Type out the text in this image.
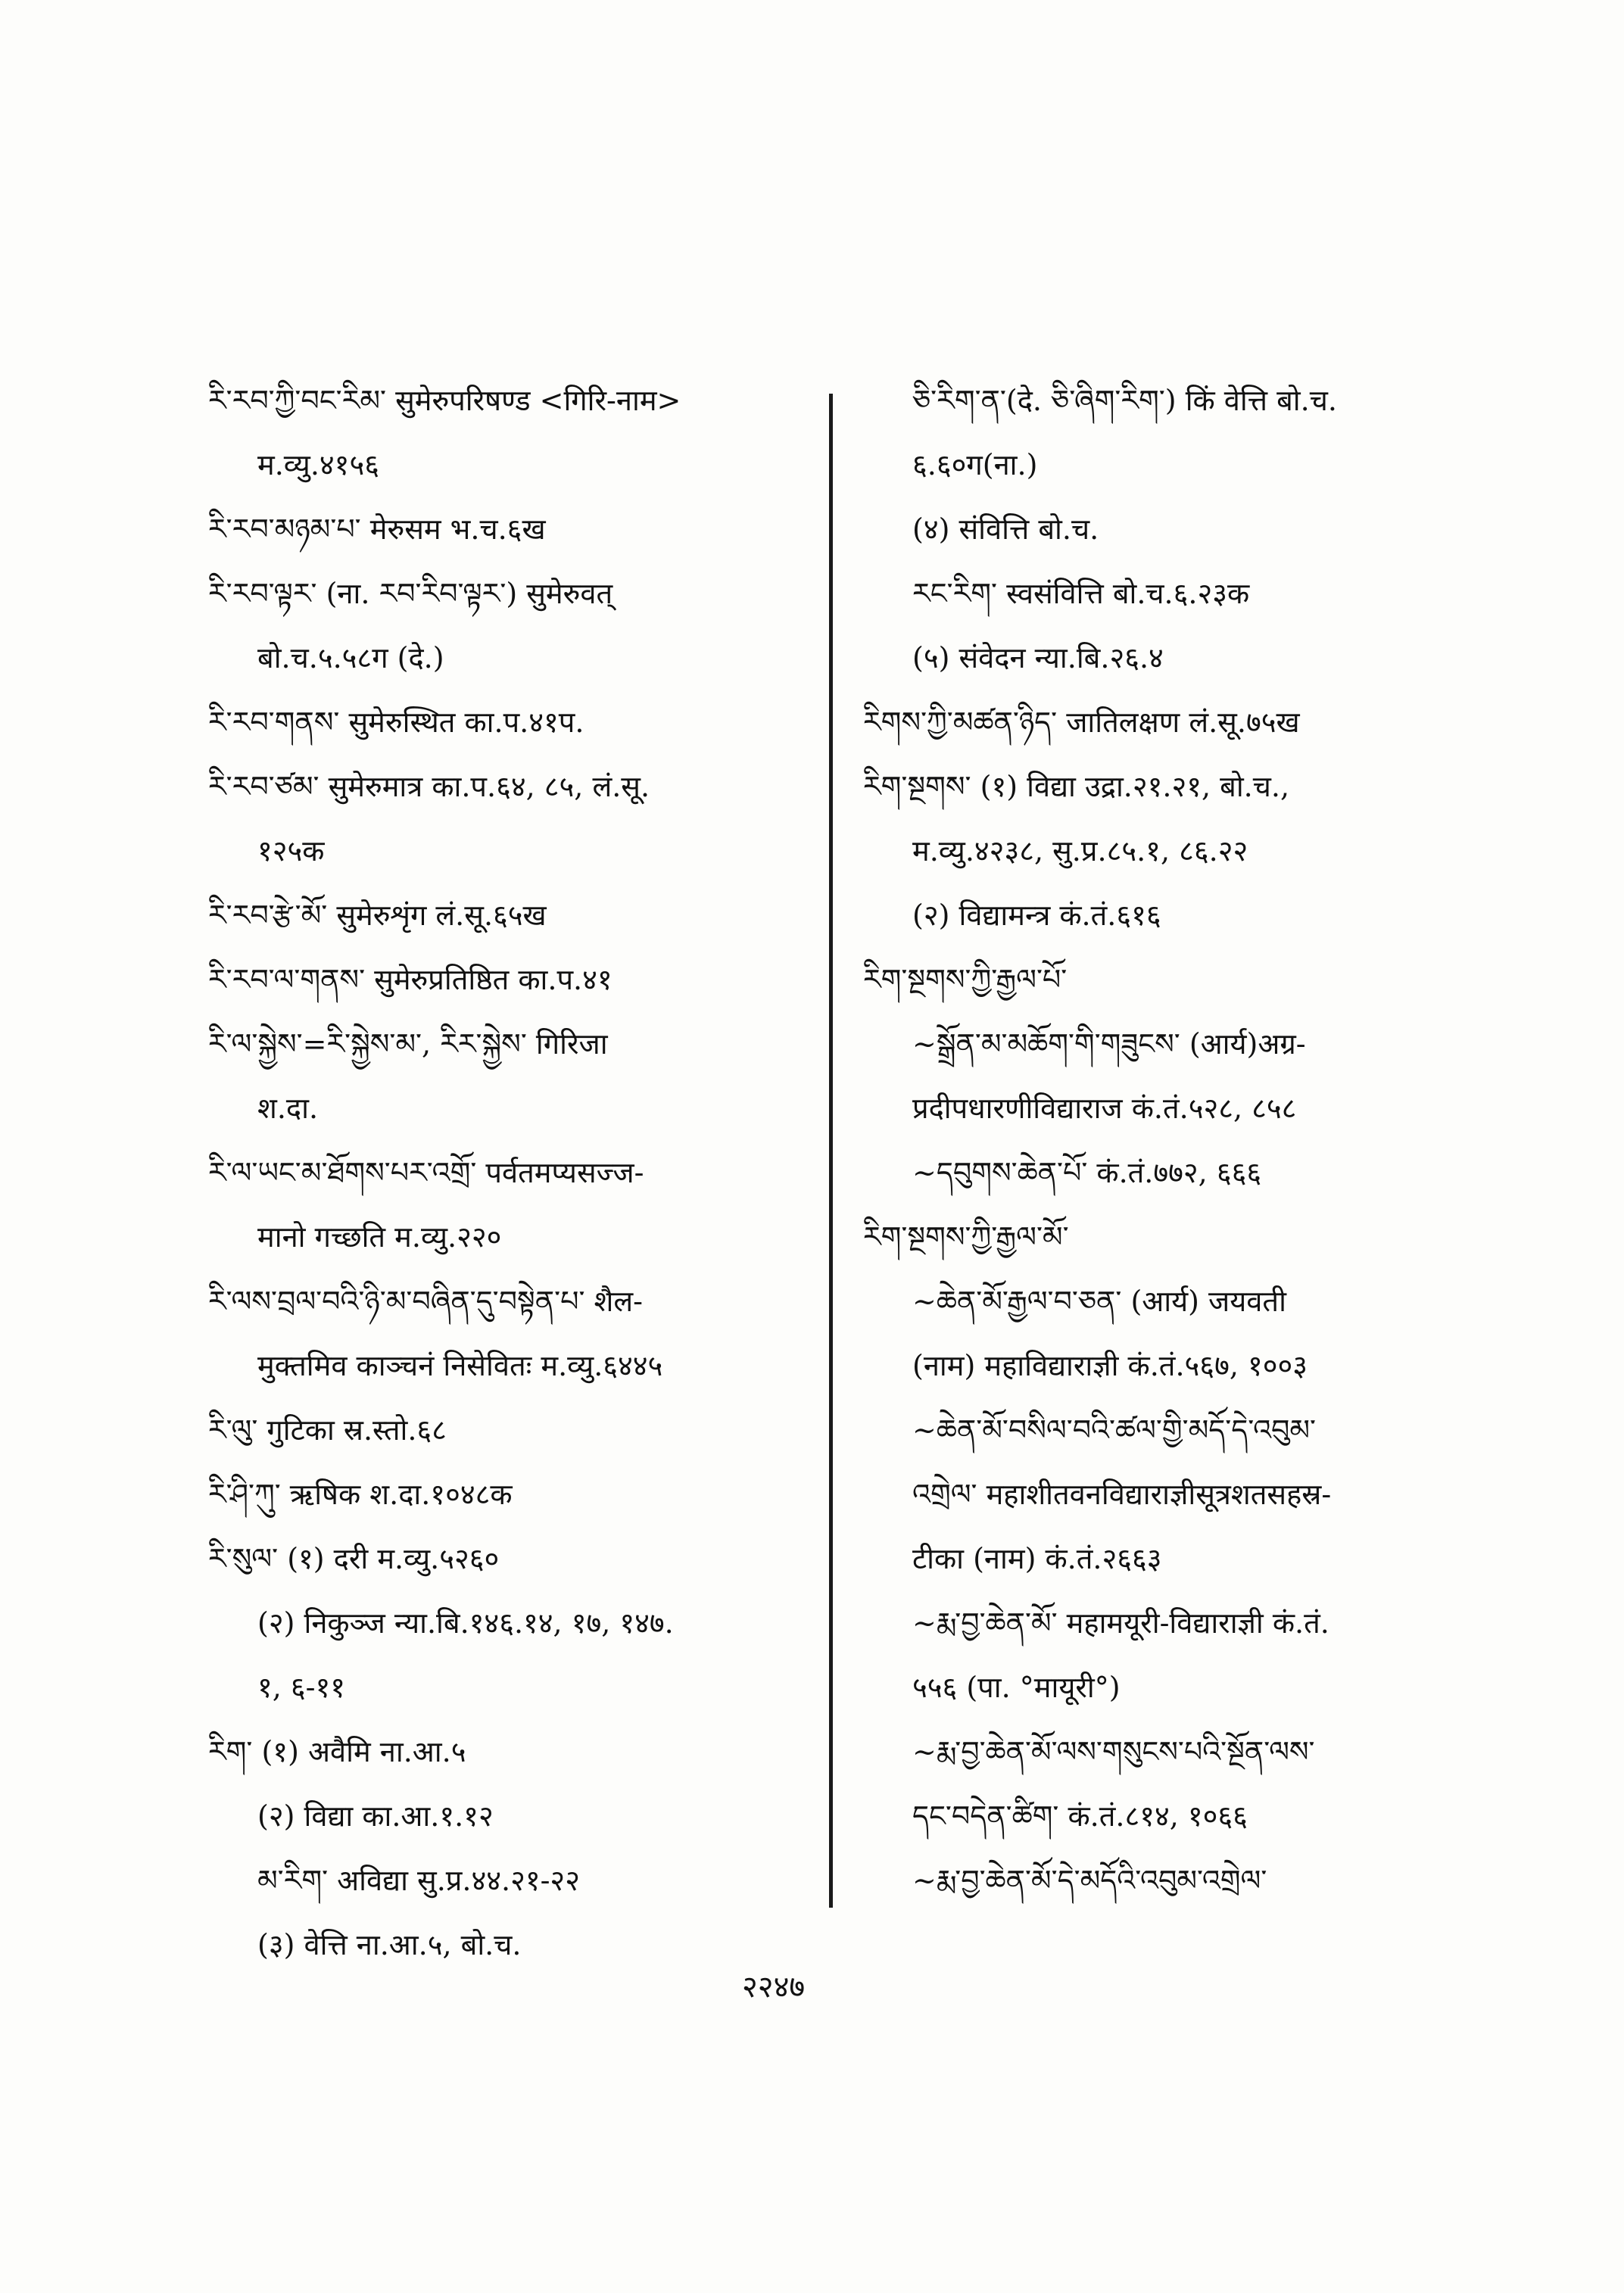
རི་རབ་ཀྱི་བང་རིམ་ सुमेरुपरिषण्ड <गिरि-नाम>
म.व्यु.४१५६
རི་རབ་མཉམ་པ་ मेरुसम भ.च.६ख
རི་རབ་ལྟར་ (ना. རབ་རིབ་ལྟར་) सुमेरुवत्
बो.च.५.५८ग (दे.)
རི་རབ་གནས་ सुमेरुस्थित का.प.४१प.
རི་རབ་ཙམ་ सुमेरुमात्र का.प.६४, ८५, लं.सू.
१२५क
རི་རབ་རྩེ་མོ་ सुमेरुशृंग लं.सू.६५ख
རི་རབ་ལ་གནས་ सुमेरुप्रतिष्ठित का.प.४१
རི་ལ་སྐྱེས་=རི་སྐྱེས་མ་, རིར་སྐྱེས་ गिरिजा
श.दा.
རི་ལ་ཡང་མ་ཐོགས་པར་འགྲོ་ पर्वतमप्यसज्ज-
मानो गच्छति म.व्यु.२२०
རི་ལས་བྲལ་བའི་ཉི་མ་བཞིན་དུ་བསྟེན་པ་ शैल-
मुक्तमिव काञ्चनं निसेवितः म.व्यु.६४४५
རི་ལུ་ गुटिका स्र.स्तो.६८
རི་ཤི་ཀུ་ ऋषिक श.दा.१०४८क
རི་སུལ་ (१) दरी म.व्यु.५२६०
(२) निकुञ्ज न्या.बि.१४६.१४, १७, १४७.
१, ६-११
རིག་ (१) अवैमि ना.आ.५
(२) विद्या का.आ.१.१२
མ་རིག་ अविद्या सु.प्र.४४.२१-२२
(३) वेत्ति ना.आ.५, बो.च.
ཅི་རིག་ན་(दे. ཅི་ཞིག་རིག་) किं वेत्ति बो.च.
६.६०ग(ना.)
(४) संवित्ति बो.च.
རང་རིག་ स्वसंवित्ति बो.च.६.२३क
(५) संवेदन न्या.बि.२६.४
རིགས་ཀྱི་མཚན་ཉིད་ जातिलक्षण लं.सू.७५ख
རིག་སྔགས་ (१) विद्या उद्रा.२१.२१, बो.च.,
म.व्यु.४२३८, सु.प्र.८५.१, ८६.२२
(२) विद्यामन्त्र कं.तं.६१६
རིག་སྔགས་ཀྱི་རྒྱལ་པོ་
~སྒྲོན་མ་མཆོག་གི་གཟུངས་ (आर्य)अग्र-
प्रदीपधारणीविद्याराज कं.तं.५२८, ८५८
~དབུགས་ཆེན་པོ་ कं.तं.७७२, ६६६
རིག་སྔགས་ཀྱི་རྒྱལ་མོ་
~ཆེན་མོ་རྒྱལ་བ་ཅན་ (आर्य) जयवती
(नाम) महाविद्याराज्ञी कं.तं.५६७, १००३
~ཆེན་མོ་བསིལ་བའི་ཚལ་གྱི་མདོ་དེ་འབུམ་
འགྲེལ་ महाशीतवनविद्याराज्ञीसूत्रशतसहस्र-
टीका (नाम) कं.तं.२६६३
~རྨ་བྱ་ཆེན་མོ་ महामयूरी-विद्याराज्ञी कं.तं.
५५६ (पा. °मायूरी°)
~རྨ་བྱ་ཆེན་མོ་ལས་གསུངས་པའི་སྔོན་ལས་
དང་བདེན་ཚིག་ कं.तं.८१४, १०६६
~རྨ་བྱ་ཆེན་མོ་དེ་མདོའི་འབུམ་འགྲེལ་
२२४७
